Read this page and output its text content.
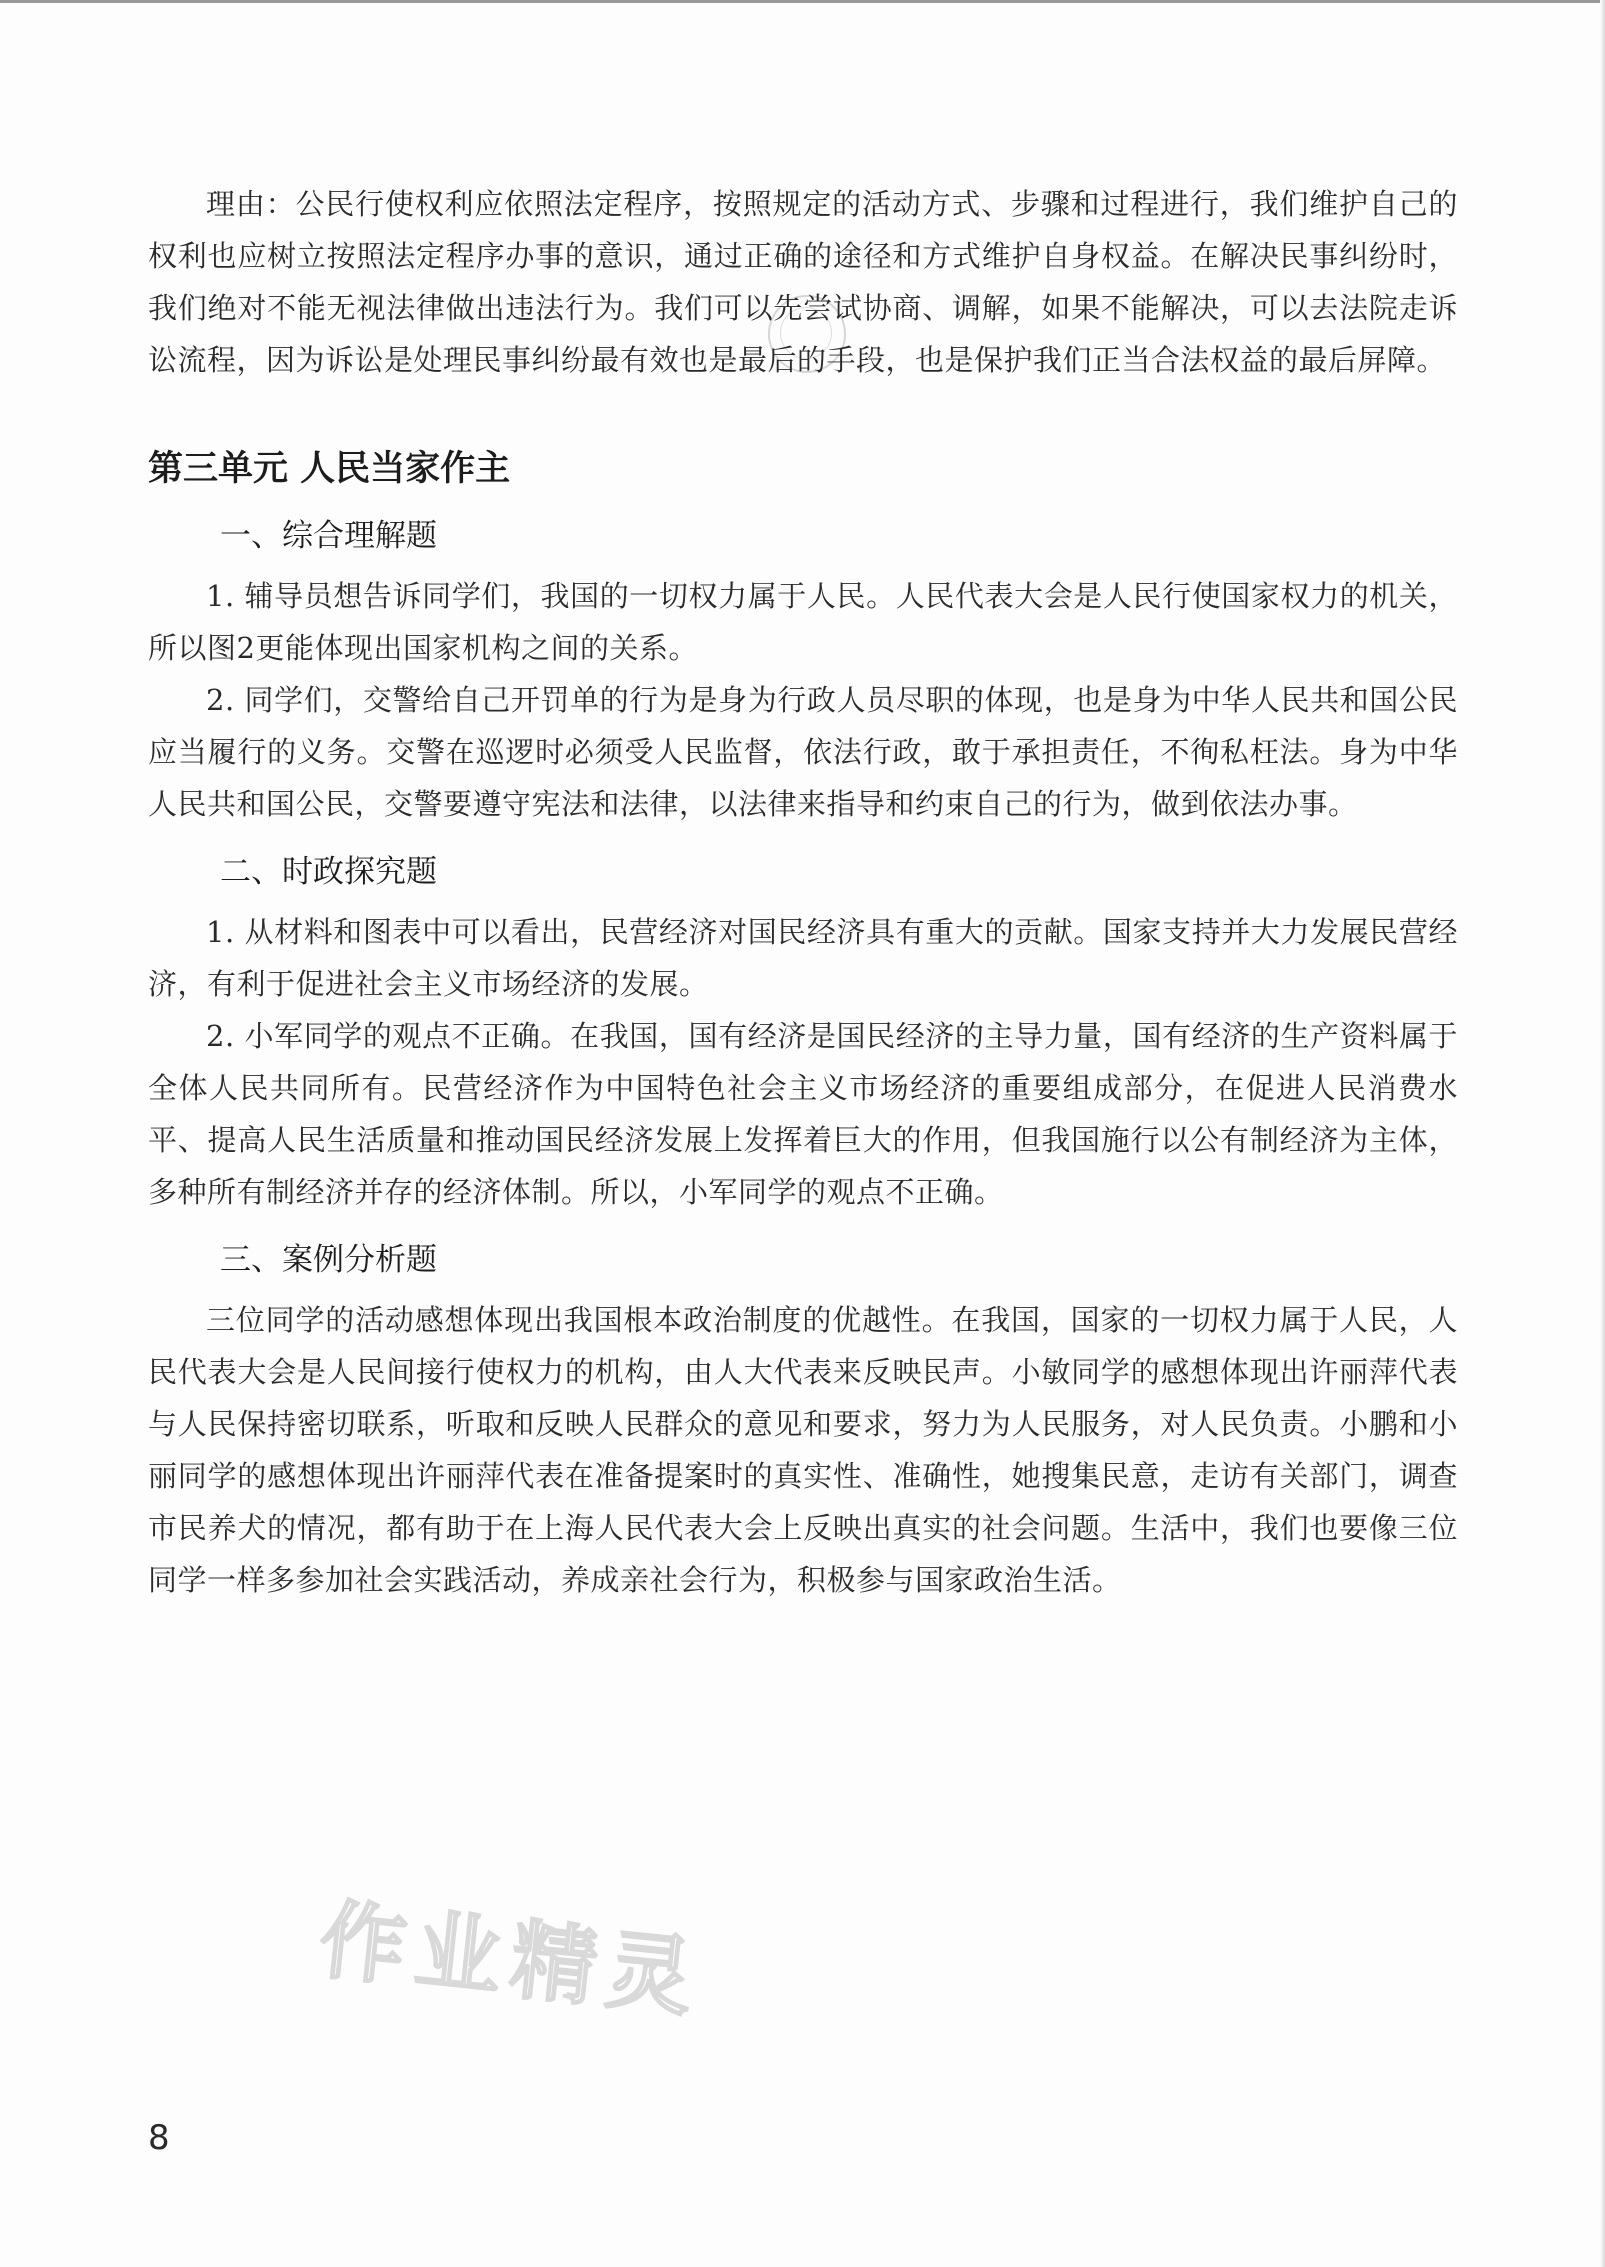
理由：公民行使权利应依照法定程序，按照规定的活动方式、步骤和过程进行，我们维护自己的权利也应树立按照法定程序办事的意识，通过正确的途径和方式维护自身权益。在解决民事纠纷时，我们绝对不能无视法律做出违法行为。我们可以先尝试协商、调解，如果不能解决，可以去法院走诉讼流程，因为诉讼是处理民事纠纷最有效也是最后的手段，也是保护我们正当合法权益的最后屏障。

第三单元 人民当家作主
一、综合理解题

1. 辅导员想告诉同学们，我国的一切权力属于人民。人民代表大会是人民行使国家权力的机关，所以图2更能体现出国家机构之间的关系。

2. 同学们，交警给自己开罚单的行为是身为行政人员尽职的体现，也是身为中华人民共和国公民应当履行的义务。交警在巡逻时必须受人民监督，依法行政，敢于承担责任，不徇私枉法。身为中华人民共和国公民，交警要遵守宪法和法律，以法律来指导和约束自己的行为，做到依法办事。

二、时政探究题

1. 从材料和图表中可以看出，民营经济对国民经济具有重大的贡献。国家支持并大力发展民营经济，有利于促进社会主义市场经济的发展。

2. 小军同学的观点不正确。在我国，国有经济是国民经济的主导力量，国有经济的生产资料属于全体人民共同所有。民营经济作为中国特色社会主义市场经济的重要组成部分，在促进人民消费水平、提高人民生活质量和推动国民经济发展上发挥着巨大的作用，但我国施行以公有制经济为主体，多种所有制经济并存的经济体制。所以，小军同学的观点不正确。

三、案例分析题

三位同学的活动感想体现出我国根本政治制度的优越性。在我国，国家的一切权力属于人民，人民代表大会是人民间接行使权力的机构，由人大代表来反映民声。小敏同学的感想体现出许丽萍代表与人民保持密切联系，听取和反映人民群众的意见和要求，努力为人民服务，对人民负责。小鹏和小丽同学的感想体现出许丽萍代表在准备提案时的真实性、准确性，她搜集民意，走访有关部门，调查市民养犬的情况，都有助于在上海人民代表大会上反映出真实的社会问题。生活中，我们也要像三位同学一样多参加社会实践活动，养成亲社会行为，积极参与国家政治生活。

作业精灵
8
